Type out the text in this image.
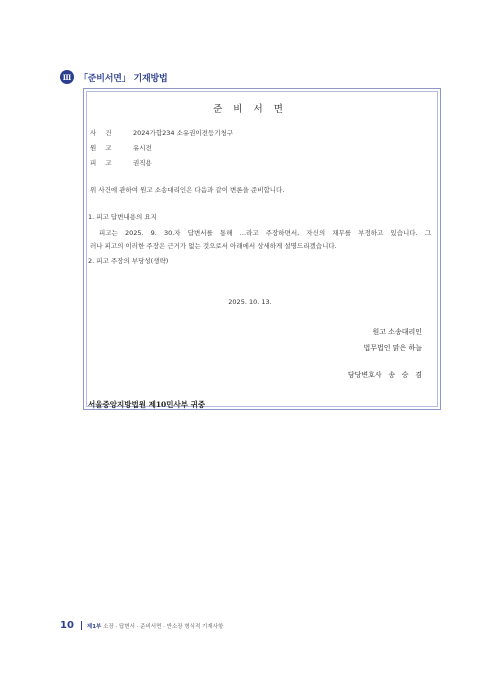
Ⅲ 「준비서면」 기재방법
준 비 서 면
사건	2024가합234 소유권이전등기청구
원고	유시전
피고	권직용
위 사건에 관하여 원고 소송대리인은 다음과 같이 변론을 준비합니다.
1. 피고 답변내용의 요지
피고는 2025. 9. 30.자 답변서를 통해 …라고 주장하면서, 자신의 채무를 부정하고 있습니다. 그
러나 피고의 이러한 주장은 근거가 없는 것으로서 아래에서 상세하게 설명드리겠습니다.
2. 피고 주장의 부당성(생략)
2025. 10. 13.
원고 소송대리인
법무법인 맑은 하늘
담당변호사   송   승   겸
서울중앙지방법원 제10민사부 귀중
10 제1부 소장 · 답변서 · 준비서면 · 반소장 형식적 기재사항
